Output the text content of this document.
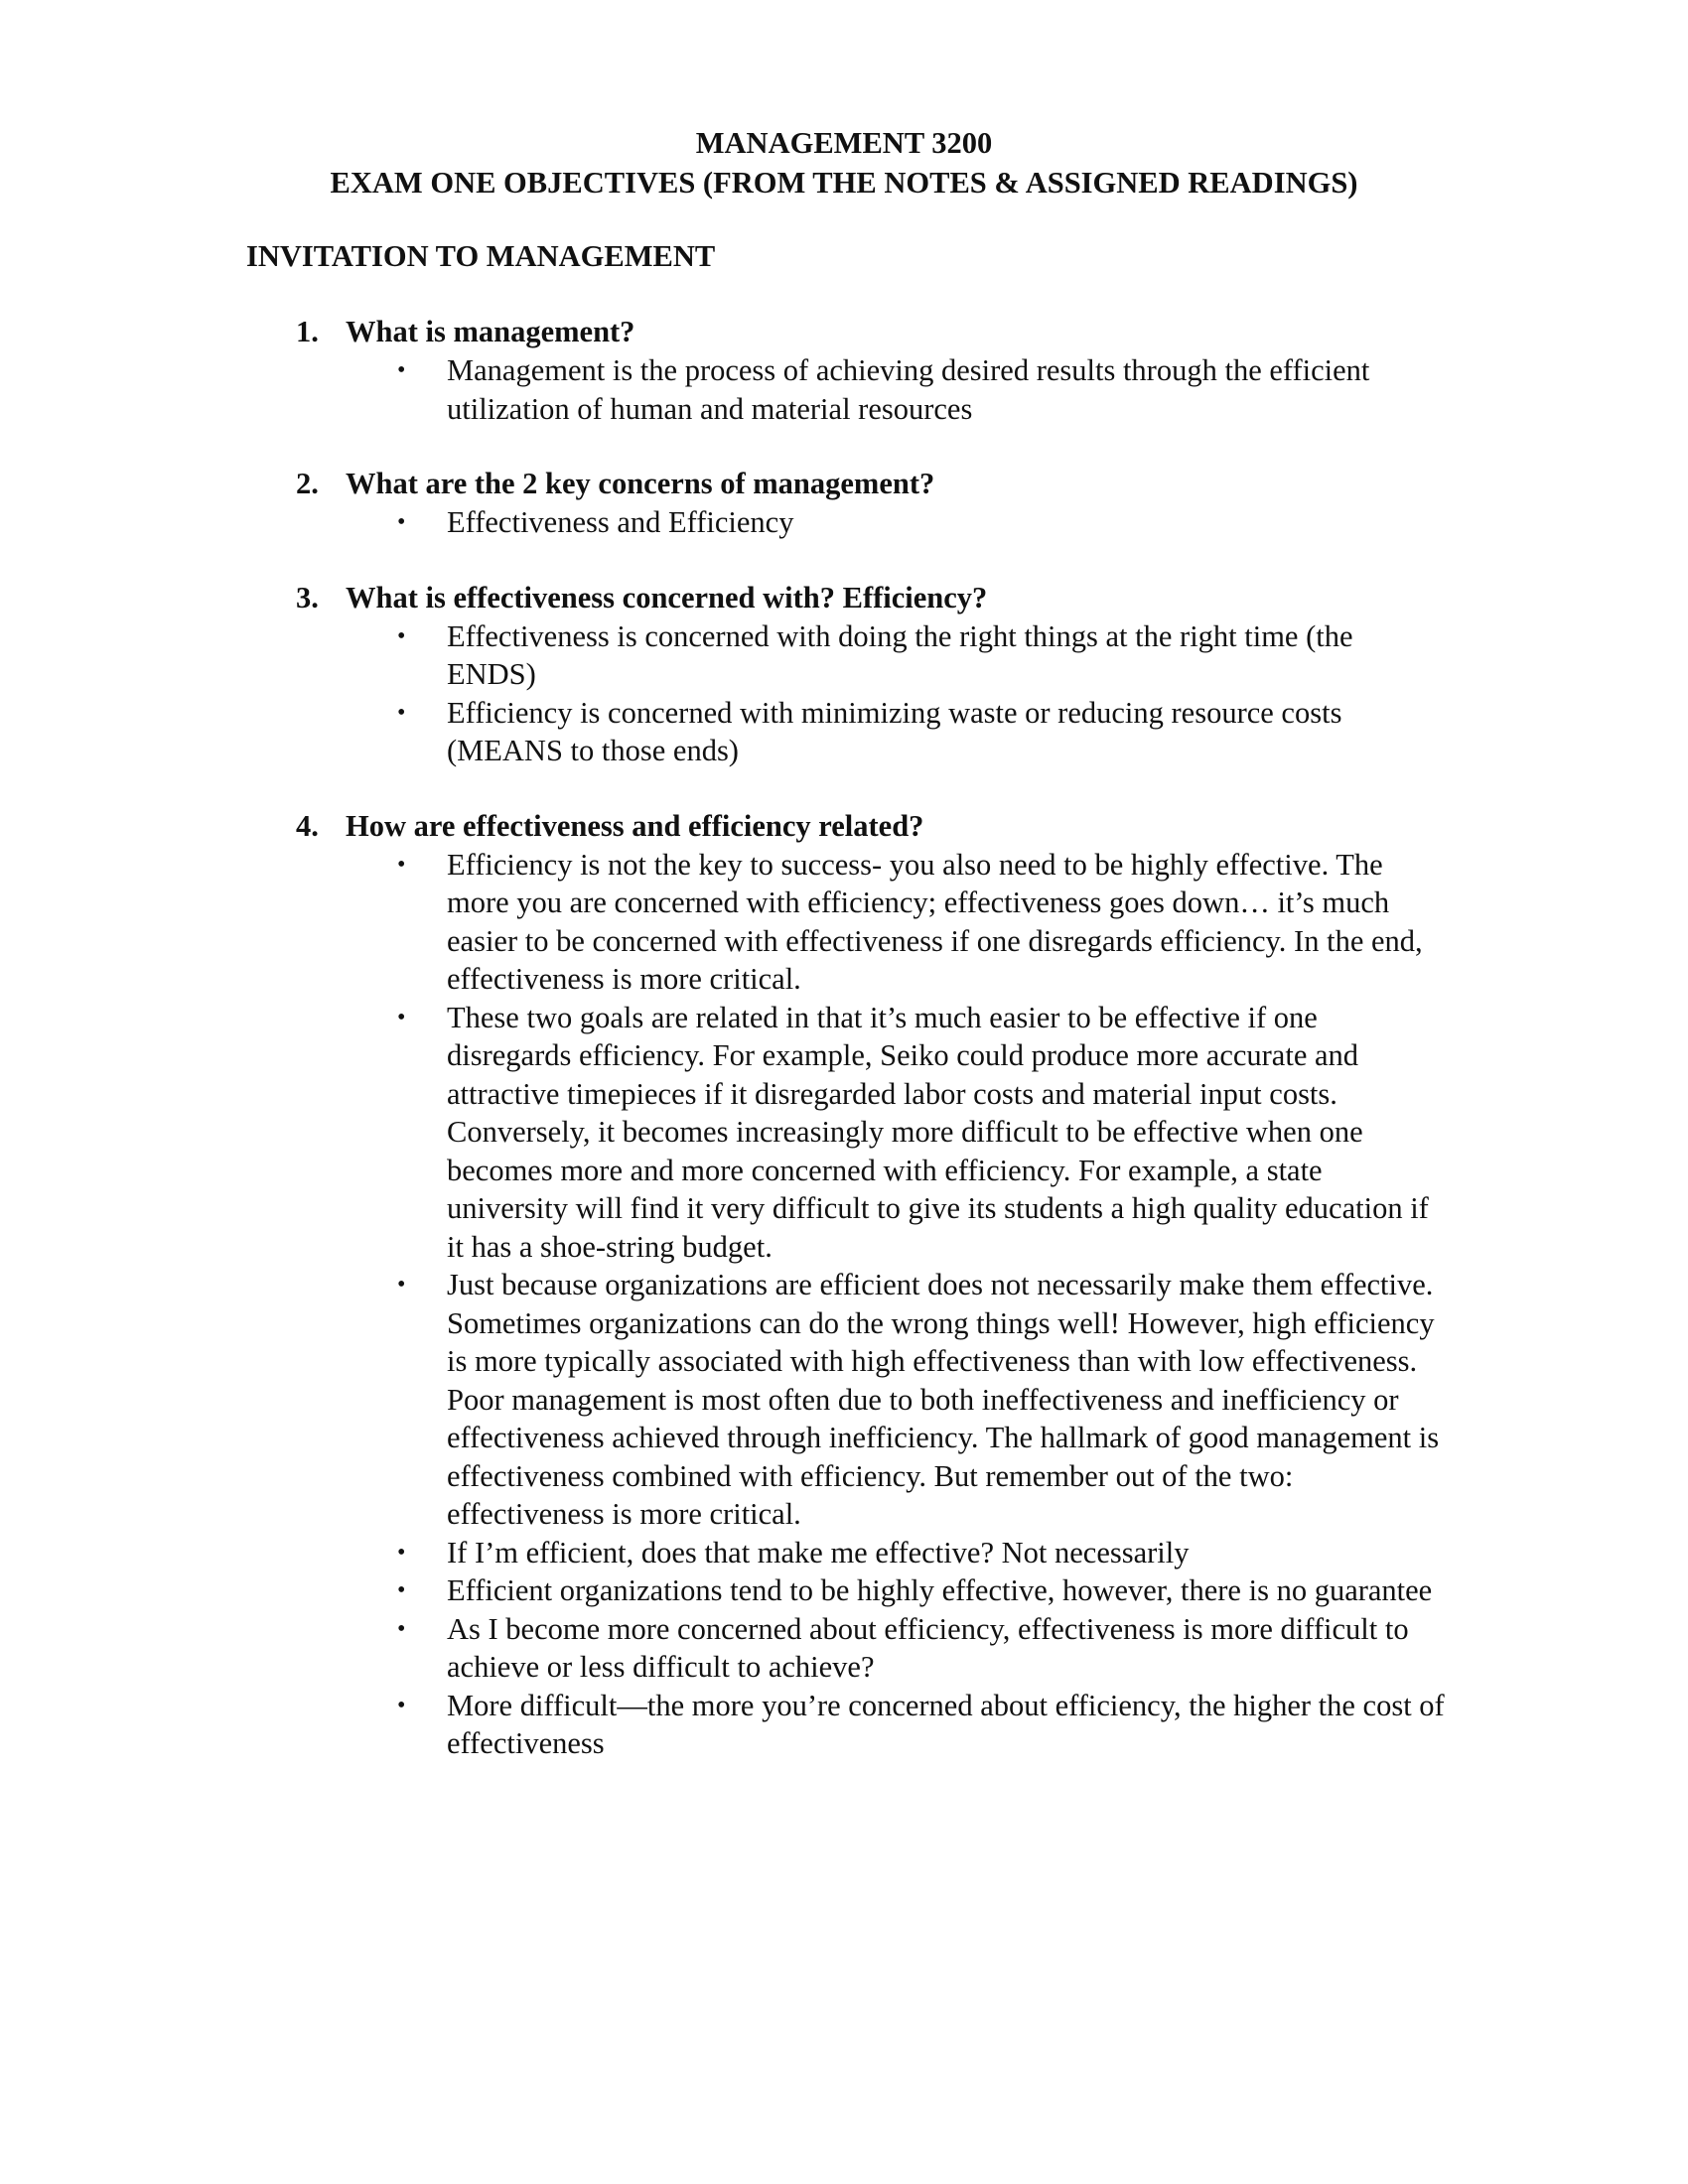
MANAGEMENT 3200
EXAM ONE OBJECTIVES (FROM THE NOTES & ASSIGNED READINGS)
INVITATION TO MANAGEMENT
1. What is management?
•	Management is the process of achieving desired results through the efficient utilization of human and material resources
2. What are the 2 key concerns of management?
•	Effectiveness and Efficiency
3. What is effectiveness concerned with? Efficiency?
•	Effectiveness is concerned with doing the right things at the right time (the ENDS)
•	Efficiency is concerned with minimizing waste or reducing resource costs (MEANS to those ends)
4. How are effectiveness and efficiency related?
•	Efficiency is not the key to success- you also need to be highly effective. The more you are concerned with efficiency; effectiveness goes down… it’s much easier to be concerned with effectiveness if one disregards efficiency. In the end, effectiveness is more critical.
•	These two goals are related in that it’s much easier to be effective if one disregards efficiency. For example, Seiko could produce more accurate and attractive timepieces if it disregarded labor costs and material input costs. Conversely, it becomes increasingly more difficult to be effective when one becomes more and more concerned with efficiency. For example, a state university will find it very difficult to give its students a high quality education if it has a shoe-string budget.
•	Just because organizations are efficient does not necessarily make them effective. Sometimes organizations can do the wrong things well! However, high efficiency is more typically associated with high effectiveness than with low effectiveness. Poor management is most often due to both ineffectiveness and inefficiency or effectiveness achieved through inefficiency. The hallmark of good management is effectiveness combined with efficiency. But remember out of the two: effectiveness is more critical.
•	If I’m efficient, does that make me effective? Not necessarily
•	Efficient organizations tend to be highly effective, however, there is no guarantee
•	As I become more concerned about efficiency, effectiveness is more difficult to achieve or less difficult to achieve?
•	More difficult—the more you’re concerned about efficiency, the higher the cost of effectiveness
